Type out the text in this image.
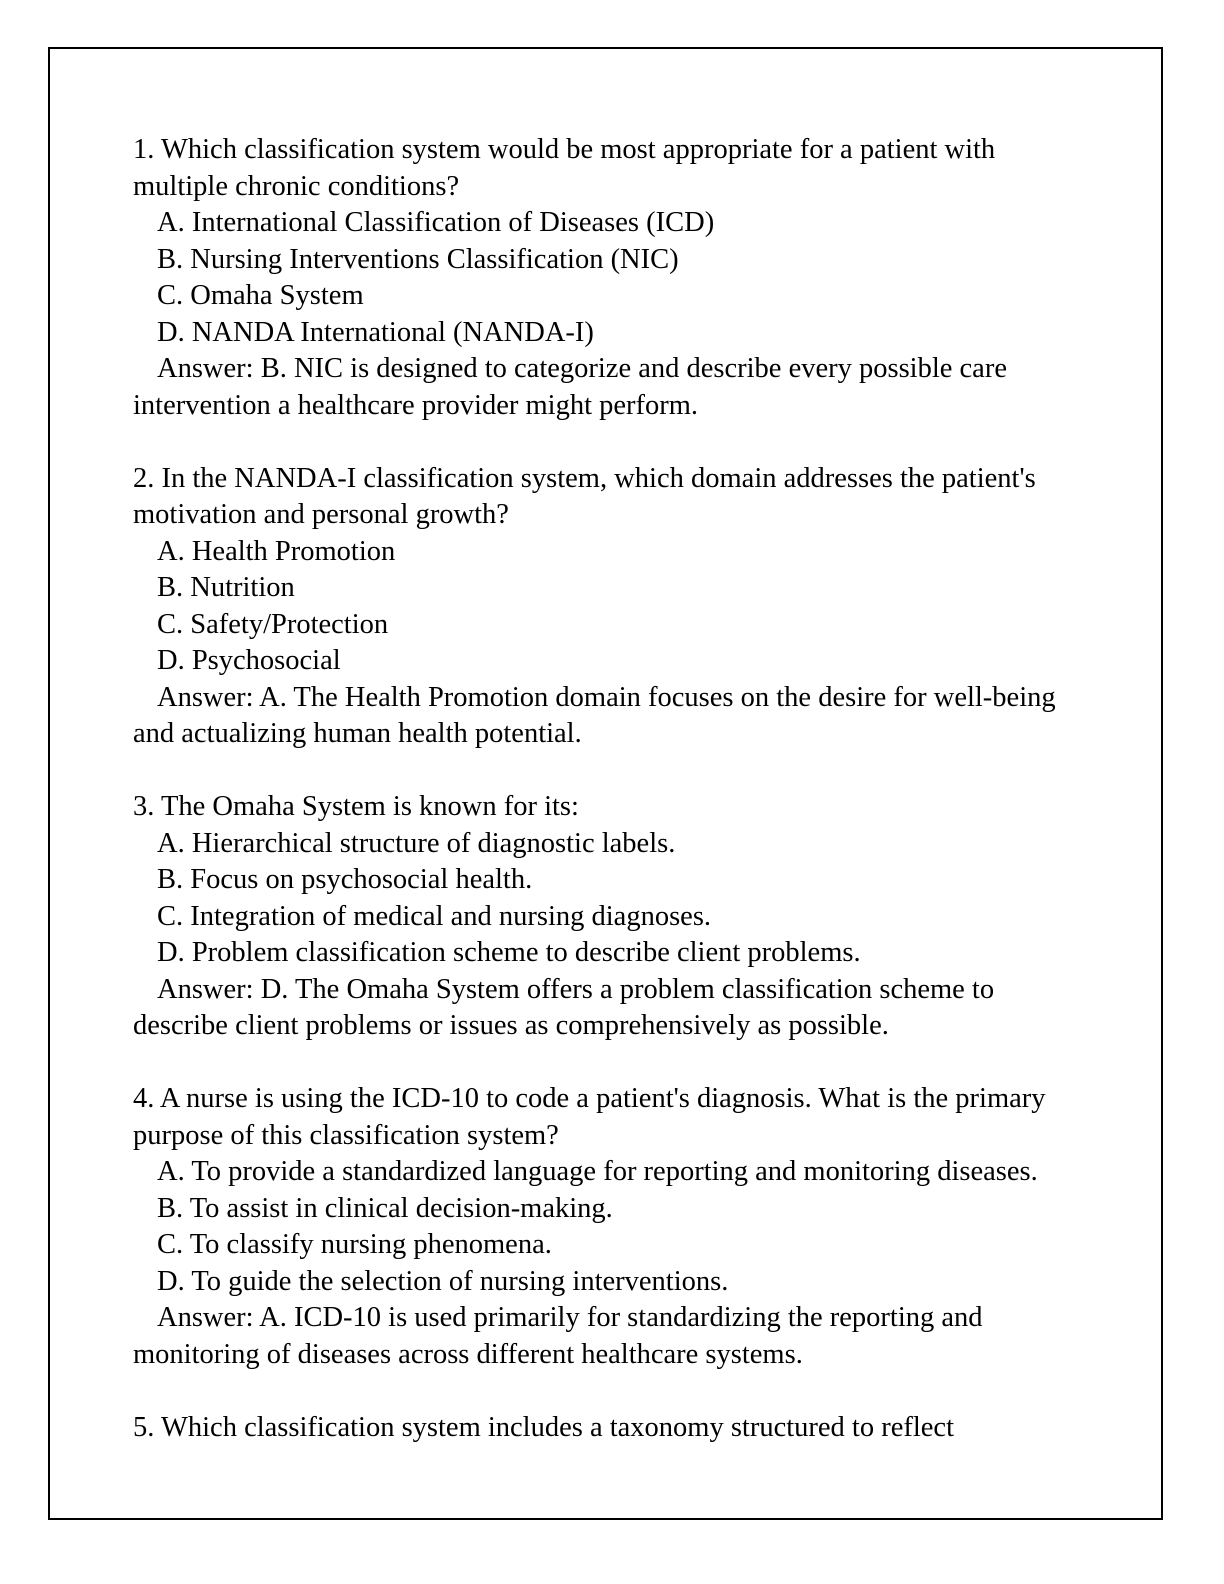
1. Which classification system would be most appropriate for a patient with multiple chronic conditions?
A. International Classification of Diseases (ICD)
B. Nursing Interventions Classification (NIC)
C. Omaha System
D. NANDA International (NANDA-I)
Answer: B. NIC is designed to categorize and describe every possible care intervention a healthcare provider might perform.
2. In the NANDA-I classification system, which domain addresses the patient's motivation and personal growth?
A. Health Promotion
B. Nutrition
C. Safety/Protection
D. Psychosocial
Answer: A. The Health Promotion domain focuses on the desire for well-being and actualizing human health potential.
3. The Omaha System is known for its:
A. Hierarchical structure of diagnostic labels.
B. Focus on psychosocial health.
C. Integration of medical and nursing diagnoses.
D. Problem classification scheme to describe client problems.
Answer: D. The Omaha System offers a problem classification scheme to describe client problems or issues as comprehensively as possible.
4. A nurse is using the ICD-10 to code a patient's diagnosis. What is the primary purpose of this classification system?
A. To provide a standardized language for reporting and monitoring diseases.
B. To assist in clinical decision-making.
C. To classify nursing phenomena.
D. To guide the selection of nursing interventions.
Answer: A. ICD-10 is used primarily for standardizing the reporting and monitoring of diseases across different healthcare systems.
5. Which classification system includes a taxonomy structured to reflect
